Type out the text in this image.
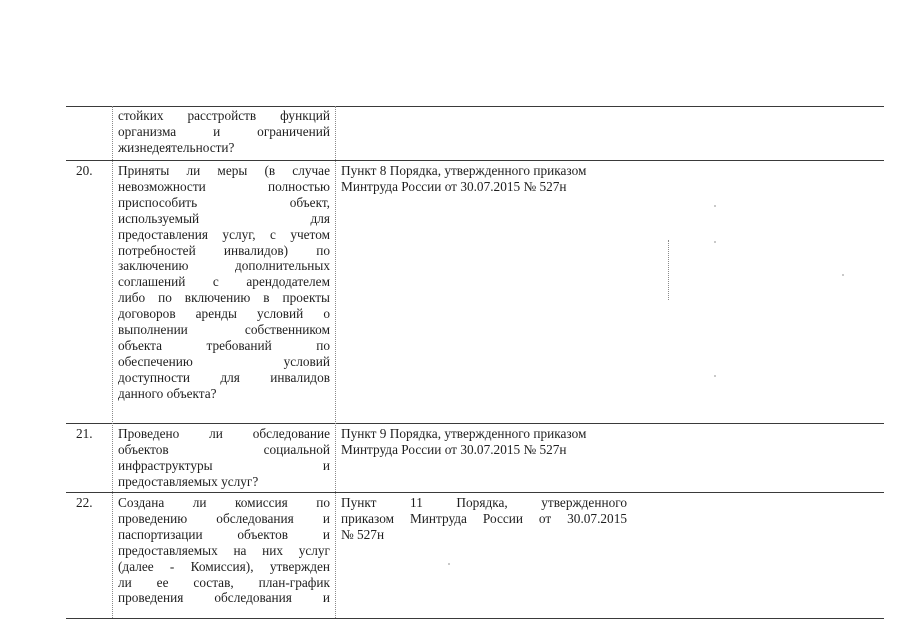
стойких расстройств функций
организма и ограничений
жизнедеятельности?
20. Приняты ли меры (в случае
невозможности полностью
приспособить объект,
используемый для
предоставления услуг, с учетом
потребностей инвалидов) по
заключению дополнительных
соглашений с арендодателем
либо по включению в проекты
договоров аренды условий о
выполнении собственником
объекта требований по
обеспечению условий
доступности для инвалидов
данного объекта?
Пункт 8 Порядка, утвержденного приказом
Минтруда России от 30.07.2015 № 527н
21. Проведено ли обследование
объектов социальной
инфраструктуры и
предоставляемых услуг?
Пункт 9 Порядка, утвержденного приказом
Минтруда России от 30.07.2015 № 527н
22. Создана ли комиссия по
проведению обследования и
паспортизации объектов и
предоставляемых на них услуг
(далее - Комиссия), утвержден
ли ее состав, план-график
проведения обследования и
Пункт 11 Порядка, утвержденного
приказом Минтруда России от 30.07.2015
№ 527н
